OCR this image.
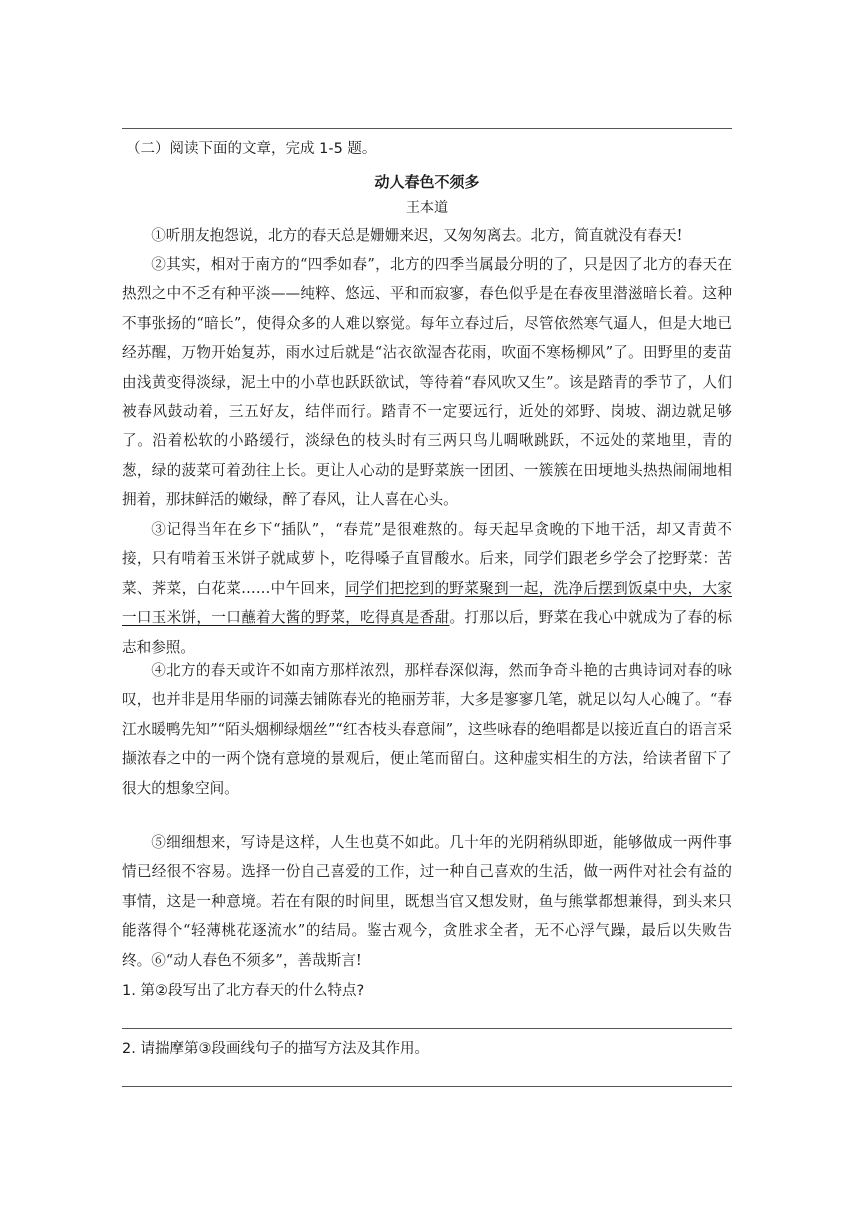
（二）阅读下面的文章，完成 1-5 题。
动人春色不须多
王本道

①听朋友抱怨说，北方的春天总是姗姗来迟，又匆匆离去。北方，简直就没有春天!

②其实，相对于南方的“四季如春”，北方的四季当属最分明的了，只是因了北方的春天在热烈之中不乏有种平淡——纯粹、悠远、平和而寂寥，春色似乎是在春夜里潜滋暗长着。这种不事张扬的“暗长”，使得众多的人难以察觉。每年立春过后，尽管依然寒气逼人，但是大地已经苏醒，万物开始复苏，雨水过后就是“沾衣欲湿杏花雨，吹面不寒杨柳风”了。田野里的麦苗由浅黄变得淡绿，泥土中的小草也跃跃欲试，等待着“春风吹又生”。该是踏青的季节了，人们被春风鼓动着，三五好友，结伴而行。踏青不一定要远行，近处的郊野、岗坡、湖边就足够了。沿着松软的小路缓行，淡绿色的枝头时有三两只鸟儿啁啾跳跃，不远处的菜地里，青的葱，绿的菠菜可着劲往上长。更让人心动的是野菜族一团团、一簇簇在田埂地头热热闹闹地相拥着，那抹鲜活的嫩绿，醉了春风，让人喜在心头。

③记得当年在乡下“插队”，“春荒”是很难熬的。每天起早贪晚的下地干活，却又青黄不接，只有啃着玉米饼子就咸萝卜，吃得嗓子直冒酸水。后来，同学们跟老乡学会了挖野菜：苦菜、荠菜，白花菜……中午回来，同学们把挖到的野菜聚到一起，洗净后摆到饭桌中央，大家一口玉米饼，一口蘸着大酱的野菜，吃得真是香甜。打那以后，野菜在我心中就成为了春的标志和参照。

④北方的春天或许不如南方那样浓烈，那样春深似海，然而争奇斗艳的古典诗词对春的咏叹，也并非是用华丽的词藻去铺陈春光的艳丽芳菲，大多是寥寥几笔，就足以勾人心魄了。“春江水暖鸭先知”“陌头烟柳绿烟丝”“红杏枝头春意闹”，这些咏春的绝唱都是以接近直白的语言采撷浓春之中的一两个饶有意境的景观后，便止笔而留白。这种虚实相生的方法，给读者留下了很大的想象空间。

⑤细细想来，写诗是这样，人生也莫不如此。几十年的光阴稍纵即逝，能够做成一两件事情已经很不容易。选择一份自己喜爱的工作，过一种自己喜欢的生活，做一两件对社会有益的事情，这是一种意境。若在有限的时间里，既想当官又想发财，鱼与熊掌都想兼得，到头来只能落得个“轻薄桃花逐流水”的结局。鉴古观今，贪胜求全者，无不心浮气躁，最后以失败告终。 ⑥“动人春色不须多”，善哉斯言!

1. 第②段写出了北方春天的什么特点?
2. 请揣摩第③段画线句子的描写方法及其作用。
